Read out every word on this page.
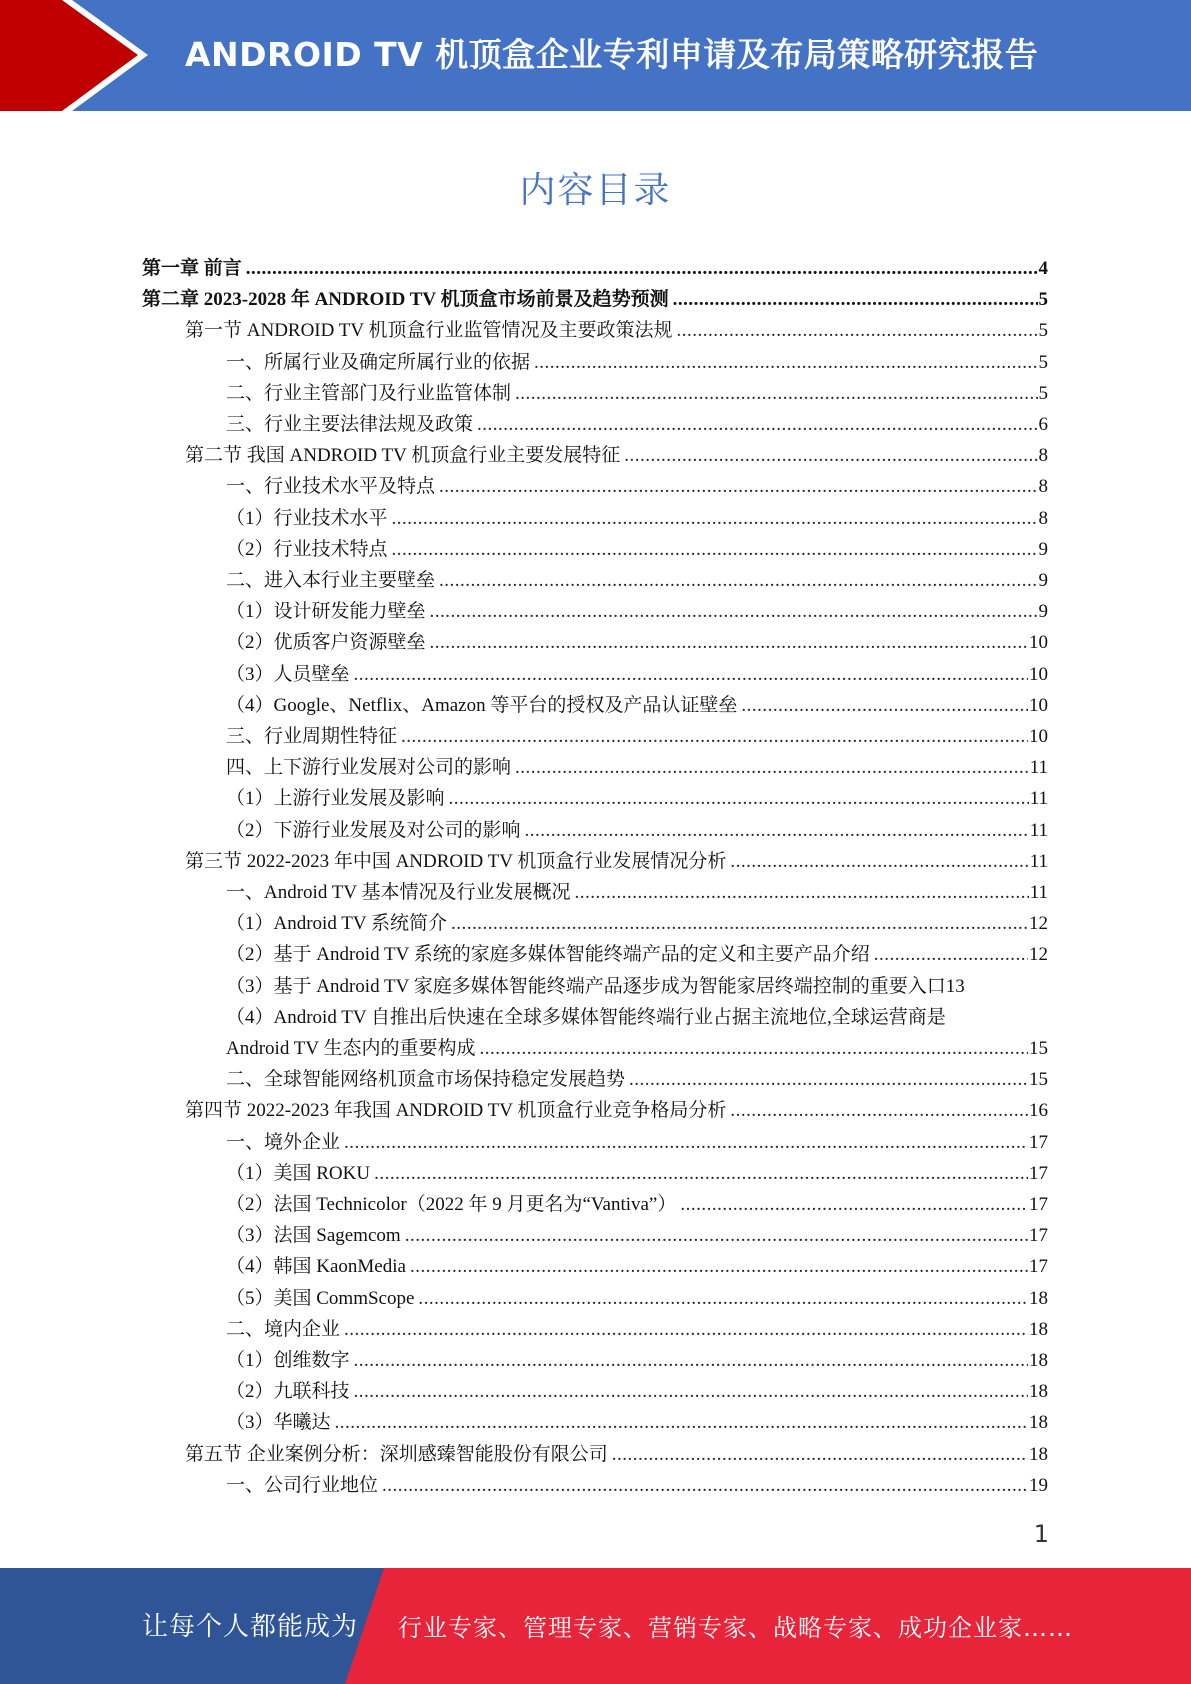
ANDROID TV 机顶盒企业专利申请及布局策略研究报告
内容目录
第一章 前言 .....	4
第二章 2023-2028 年 ANDROID TV 机顶盒市场前景及趋势预测 .....	5
第一节 ANDROID TV 机顶盒行业监管情况及主要政策法规 .....	5
一、所属行业及确定所属行业的依据 .....	5
二、行业主管部门及行业监管体制 .....	5
三、行业主要法律法规及政策 .....	6
第二节 我国 ANDROID TV 机顶盒行业主要发展特征 .....	8
一、行业技术水平及特点 .....	8
（1）行业技术水平 .....	8
（2）行业技术特点 .....	9
二、进入本行业主要壁垒 .....	9
（1）设计研发能力壁垒 .....	9
（2）优质客户资源壁垒 .....	10
（3）人员壁垒 .....	10
（4）Google、Netflix、Amazon 等平台的授权及产品认证壁垒 .....	10
三、行业周期性特征 .....	10
四、上下游行业发展对公司的影响 .....	11
（1）上游行业发展及影响 .....	11
（2）下游行业发展及对公司的影响 .....	11
第三节 2022-2023 年中国 ANDROID TV 机顶盒行业发展情况分析 .....	11
一、Android TV 基本情况及行业发展概况 .....	11
（1）Android TV 系统简介 .....	12
（2）基于 Android TV 系统的家庭多媒体智能终端产品的定义和主要产品介绍 .....	12
（3）基于 Android TV 家庭多媒体智能终端产品逐步成为智能家居终端控制的重要入口 13
（4）Android TV 自推出后快速在全球多媒体智能终端行业占据主流地位,全球运营商是
Android TV 生态内的重要构成 .....	15
二、全球智能网络机顶盒市场保持稳定发展趋势 .....	15
第四节 2022-2023 年我国 ANDROID TV 机顶盒行业竞争格局分析 .....	16
一、境外企业 .....	17
（1）美国 ROKU .....	17
（2）法国 Technicolor（2022 年 9 月更名为“Vantiva”） .....	17
（3）法国 Sagemcom .....	17
（4）韩国 KaonMedia .....	17
（5）美国 CommScope .....	18
二、境内企业 .....	18
（1）创维数字 .....	18
（2）九联科技 .....	18
（3）华曦达 .....	18
第五节 企业案例分析：深圳感臻智能股份有限公司 .....	18
一、公司行业地位 .....	19
1
让每个人都能成为 行业专家、管理专家、营销专家、战略专家、成功企业家……
